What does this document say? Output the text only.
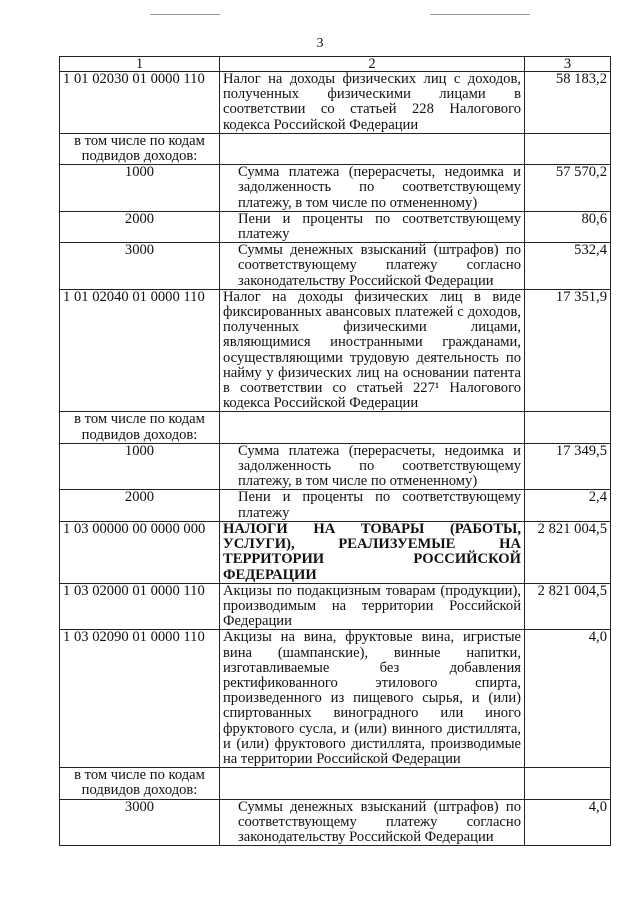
3
1	2	3
1 01 02030 01 0000 110	Налог на доходы физических лиц с доходов, полученных физическими лицами в соответствии со статьей 228 Налогового кодекса Российской Федерации	58 183,2
в том числе по кодам подвидов доходов:		
1000	Сумма платежа (перерасчеты, недоимка и задолженность по соответствующему платежу, в том числе по отмененному)	57 570,2
2000	Пени и проценты по соответствующему платежу	80,6
3000	Суммы денежных взысканий (штрафов) по соответствующему платежу согласно законодательству Российской Федерации	532,4
1 01 02040 01 0000 110	Налог на доходы физических лиц в виде фиксированных авансовых платежей с доходов, полученных физическими лицами, являющимися иностранными гражданами, осуществляющими трудовую деятельность по найму у физических лиц на основании патента в соответствии со статьей 227¹ Налогового кодекса Российской Федерации	17 351,9
в том числе по кодам подвидов доходов:		
1000	Сумма платежа (перерасчеты, недоимка и задолженность по соответствующему платежу, в том числе по отмененному)	17 349,5
2000	Пени и проценты по соответствующему платежу	2,4
1 03 00000 00 0000 000	НАЛОГИ НА ТОВАРЫ (РАБОТЫ, УСЛУГИ), РЕАЛИЗУЕМЫЕ НА ТЕРРИТОРИИ РОССИЙСКОЙ ФЕДЕРАЦИИ	2 821 004,5
1 03 02000 01 0000 110	Акцизы по подакцизным товарам (продукции), производимым на территории Российской Федерации	2 821 004,5
1 03 02090 01 0000 110	Акцизы на вина, фруктовые вина, игристые вина (шампанские), винные напитки, изготавливаемые без добавления ректификованного этилового спирта, произведенного из пищевого сырья, и (или) спиртованных виноградного или иного фруктового сусла, и (или) винного дистиллята, и (или) фруктового дистиллята, производимые на территории Российской Федерации	4,0
в том числе по кодам подвидов доходов:		
3000	Суммы денежных взысканий (штрафов) по соответствующему платежу согласно законодательству Российской Федерации	4,0
